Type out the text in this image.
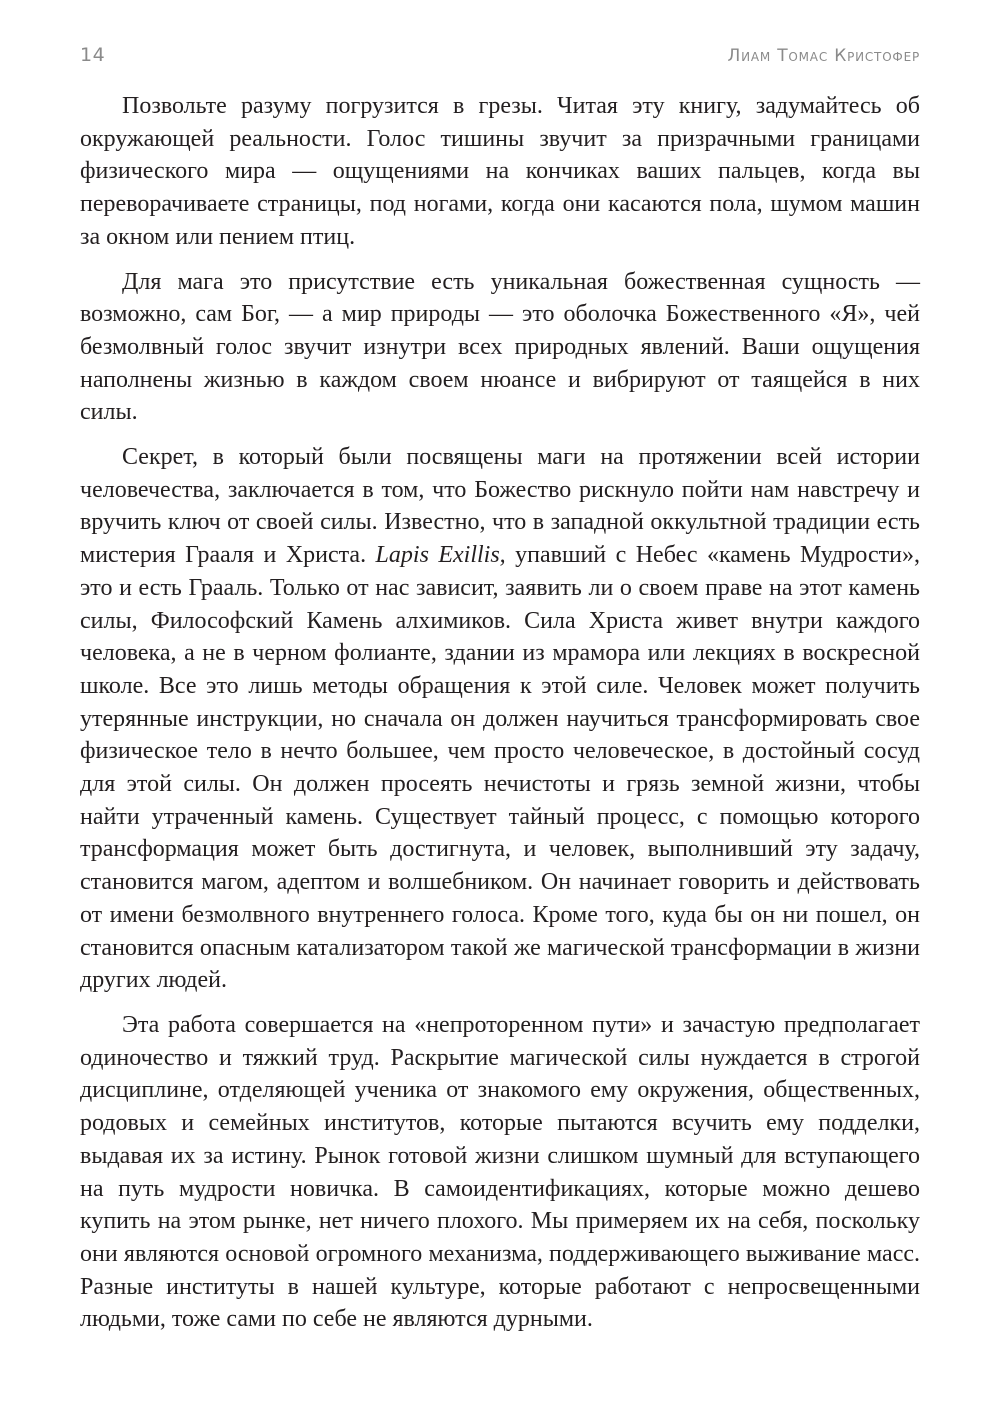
14	Лиам Томас Кристофер

Позвольте разуму погрузится в грезы. Читая эту книгу, задумайтесь об окружающей реальности. Голос тишины звучит за призрачными границами физического мира — ощущениями на кончиках ваших пальцев, когда вы переворачиваете страницы, под ногами, когда они касаются пола, шумом машин за окном или пением птиц.

Для мага это присутствие есть уникальная божественная сущность — возможно, сам Бог, — а мир природы — это оболочка Божественного «Я», чей безмолвный голос звучит изнутри всех природных явлений. Ваши ощущения наполнены жизнью в каждом своем нюансе и вибрируют от таящейся в них силы.

Секрет, в который были посвящены маги на протяжении всей истории человечества, заключается в том, что Божество рискнуло пойти нам навстречу и вручить ключ от своей силы. Известно, что в западной оккультной традиции есть мистерия Грааля и Христа. Lapis Exillis, упавший с Небес «камень Мудрости», это и есть Грааль. Только от нас зависит, заявить ли о своем праве на этот камень силы, Философский Камень алхимиков. Сила Христа живет внутри каждого человека, а не в черном фолианте, здании из мрамора или лекциях в воскресной школе. Все это лишь методы обращения к этой силе. Человек может получить утерянные инструкции, но сначала он должен научиться трансформировать свое физическое тело в нечто большее, чем просто человеческое, в достойный сосуд для этой силы. Он должен просеять нечистоты и грязь земной жизни, чтобы найти утраченный камень. Существует тайный процесс, с помощью которого трансформация может быть достигнута, и человек, выполнивший эту задачу, становится магом, адептом и волшебником. Он начинает говорить и действовать от имени безмолвного внутреннего голоса. Кроме того, куда бы он ни пошел, он становится опасным катализатором такой же магической трансформации в жизни других людей.

Эта работа совершается на «непроторенном пути» и зачастую предполагает одиночество и тяжкий труд. Раскрытие магической силы нуждается в строгой дисциплине, отделяющей ученика от знакомого ему окружения, общественных, родовых и семейных институтов, которые пытаются всучить ему подделки, выдавая их за истину. Рынок готовой жизни слишком шумный для вступающего на путь мудрости новичка. В самоидентификациях, которые можно дешево купить на этом рынке, нет ничего плохого. Мы примеряем их на себя, поскольку они являются основой огромного механизма, поддерживающего выживание масс. Разные институты в нашей культуре, которые работают с непросвещенными людьми, тоже сами по себе не являются дурными.
